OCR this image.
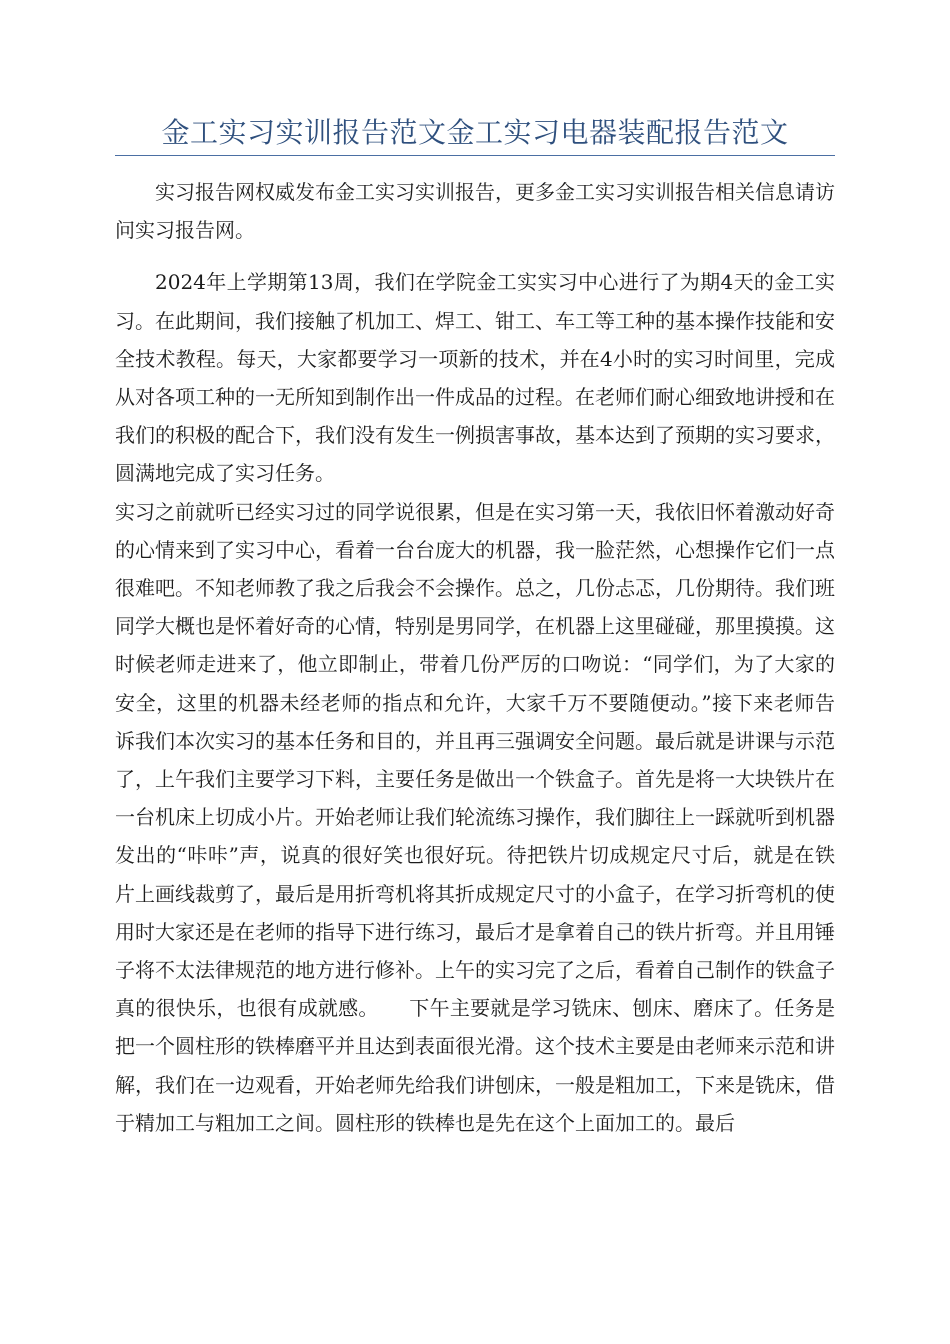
金工实习实训报告范文金工实习电器装配报告范文

实习报告网权威发布金工实习实训报告，更多金工实习实训报告相关信息请访问实习报告网。

2024年上学期第13周，我们在学院金工实实习中心进行了为期4天的金工实习。在此期间，我们接触了机加工、焊工、钳工、车工等工种的基本操作技能和安全技术教程。每天，大家都要学习一项新的技术，并在4小时的实习时间里，完成从对各项工种的一无所知到制作出一件成品的过程。在老师们耐心细致地讲授和在我们的积极的配合下，我们没有发生一例损害事故，基本达到了预期的实习要求，圆满地完成了实习任务。

实习之前就听已经实习过的同学说很累，但是在实习第一天，我依旧怀着激动好奇的心情来到了实习中心，看着一台台庞大的机器，我一脸茫然，心想操作它们一点很难吧。不知老师教了我之后我会不会操作。总之，几份忐忑，几份期待。我们班同学大概也是怀着好奇的心情，特别是男同学，在机器上这里碰碰，那里摸摸。这时候老师走进来了，他立即制止，带着几份严厉的口吻说：“同学们，为了大家的安全，这里的机器未经老师的指点和允许，大家千万不要随便动。”接下来老师告诉我们本次实习的基本任务和目的，并且再三强调安全问题。最后就是讲课与示范了，上午我们主要学习下料，主要任务是做出一个铁盒子。首先是将一大块铁片在一台机床上切成小片。开始老师让我们轮流练习操作，我们脚往上一踩就听到机器发出的“咔咔”声，说真的很好笑也很好玩。待把铁片切成规定尺寸后，就是在铁片上画线裁剪了，最后是用折弯机将其折成规定尺寸的小盒子，在学习折弯机的使用时大家还是在老师的指导下进行练习，最后才是拿着自己的铁片折弯。并且用锤子将不太法律规范的地方进行修补。上午的实习完了之后，看着自己制作的铁盒子真的很快乐，也很有成就感。　　下午主要就是学习铣床、刨床、磨床了。任务是把一个圆柱形的铁棒磨平并且达到表面很光滑。这个技术主要是由老师来示范和讲解，我们在一边观看，开始老师先给我们讲刨床，一般是粗加工，下来是铣床，借于精加工与粗加工之间。圆柱形的铁棒也是先在这个上面加工的。最后
